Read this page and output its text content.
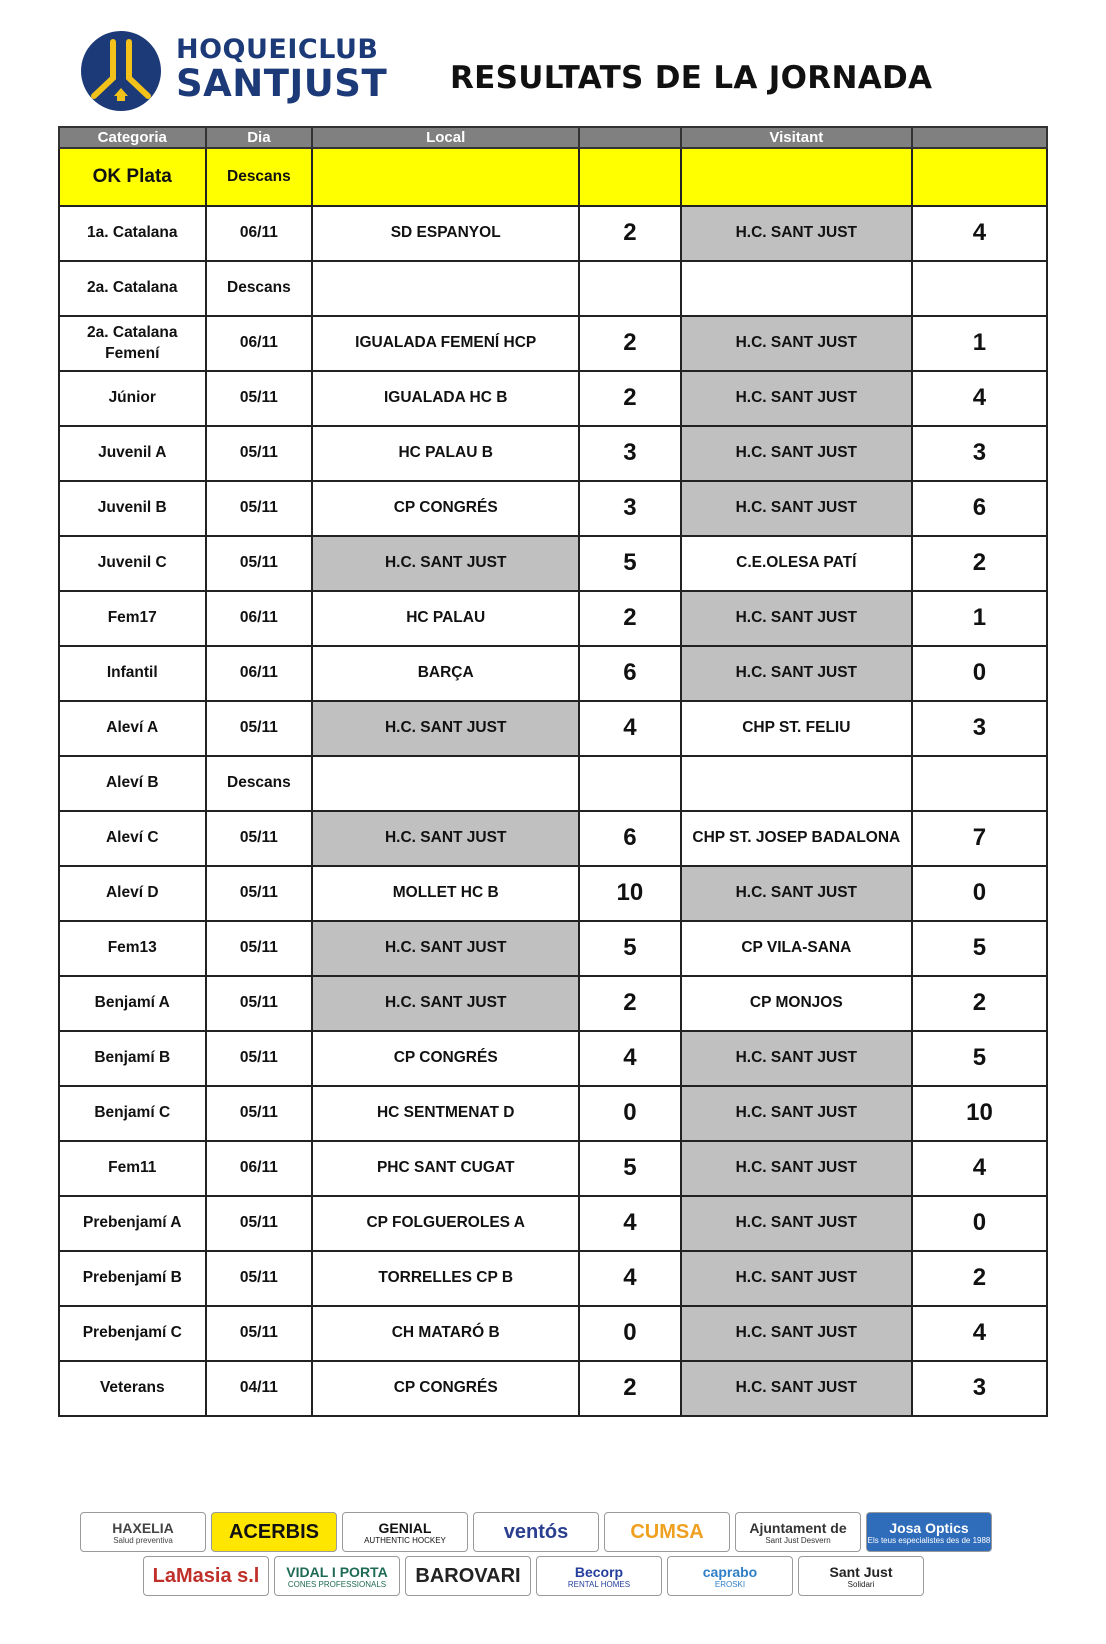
HOQUEICLUB
SANTJUST RESULTATS DE LA JORNADA
Categoria	Dia	Local		Visitant	
OK Plata	Descans				
1a. Catalana	06/11	SD ESPANYOL	2	H.C. SANT JUST	4
2a. Catalana	Descans				
2a. Catalana Femení	06/11	IGUALADA FEMENÍ HCP	2	H.C. SANT JUST	1
Júnior	05/11	IGUALADA HC B	2	H.C. SANT JUST	4
Juvenil A	05/11	HC PALAU B	3	H.C. SANT JUST	3
Juvenil B	05/11	CP CONGRÉS	3	H.C. SANT JUST	6
Juvenil C	05/11	H.C. SANT JUST	5	C.E.OLESA PATÍ	2
Fem17	06/11	HC PALAU	2	H.C. SANT JUST	1
Infantil	06/11	BARÇA	6	H.C. SANT JUST	0
Aleví A	05/11	H.C. SANT JUST	4	CHP ST. FELIU	3
Aleví B	Descans				
Aleví C	05/11	H.C. SANT JUST	6	CHP ST. JOSEP BADALONA	7
Aleví D	05/11	MOLLET HC B	10	H.C. SANT JUST	0
Fem13	05/11	H.C. SANT JUST	5	CP VILA-SANA	5
Benjamí A	05/11	H.C. SANT JUST	2	CP MONJOS	2
Benjamí B	05/11	CP CONGRÉS	4	H.C. SANT JUST	5
Benjamí C	05/11	HC SENTMENAT D	0	H.C. SANT JUST	10
Fem11	06/11	PHC SANT CUGAT	5	H.C. SANT JUST	4
Prebenjamí A	05/11	CP FOLGUEROLES A	4	H.C. SANT JUST	0
Prebenjamí B	05/11	TORRELLES CP B	4	H.C. SANT JUST	2
Prebenjamí C	05/11	CH MATARÓ B	0	H.C. SANT JUST	4
Veterans	04/11	CP CONGRÉS	2	H.C. SANT JUST	3
HAXELIA
Salud preventiva	ACERBIS	GENIAL
AUTHENTIC HOCKEY	ventós	CUMSA	Ajuntament de
Sant Just Desvern
Josa Optics
Els teus especialistes des de 1988
LaMasia s.l VIDAL I PORTA
CONES PROFESSIONALS BAROVARI	Becorp
RENTAL HOMES
caprabo
EROSKI
Sant Just
Solidari
